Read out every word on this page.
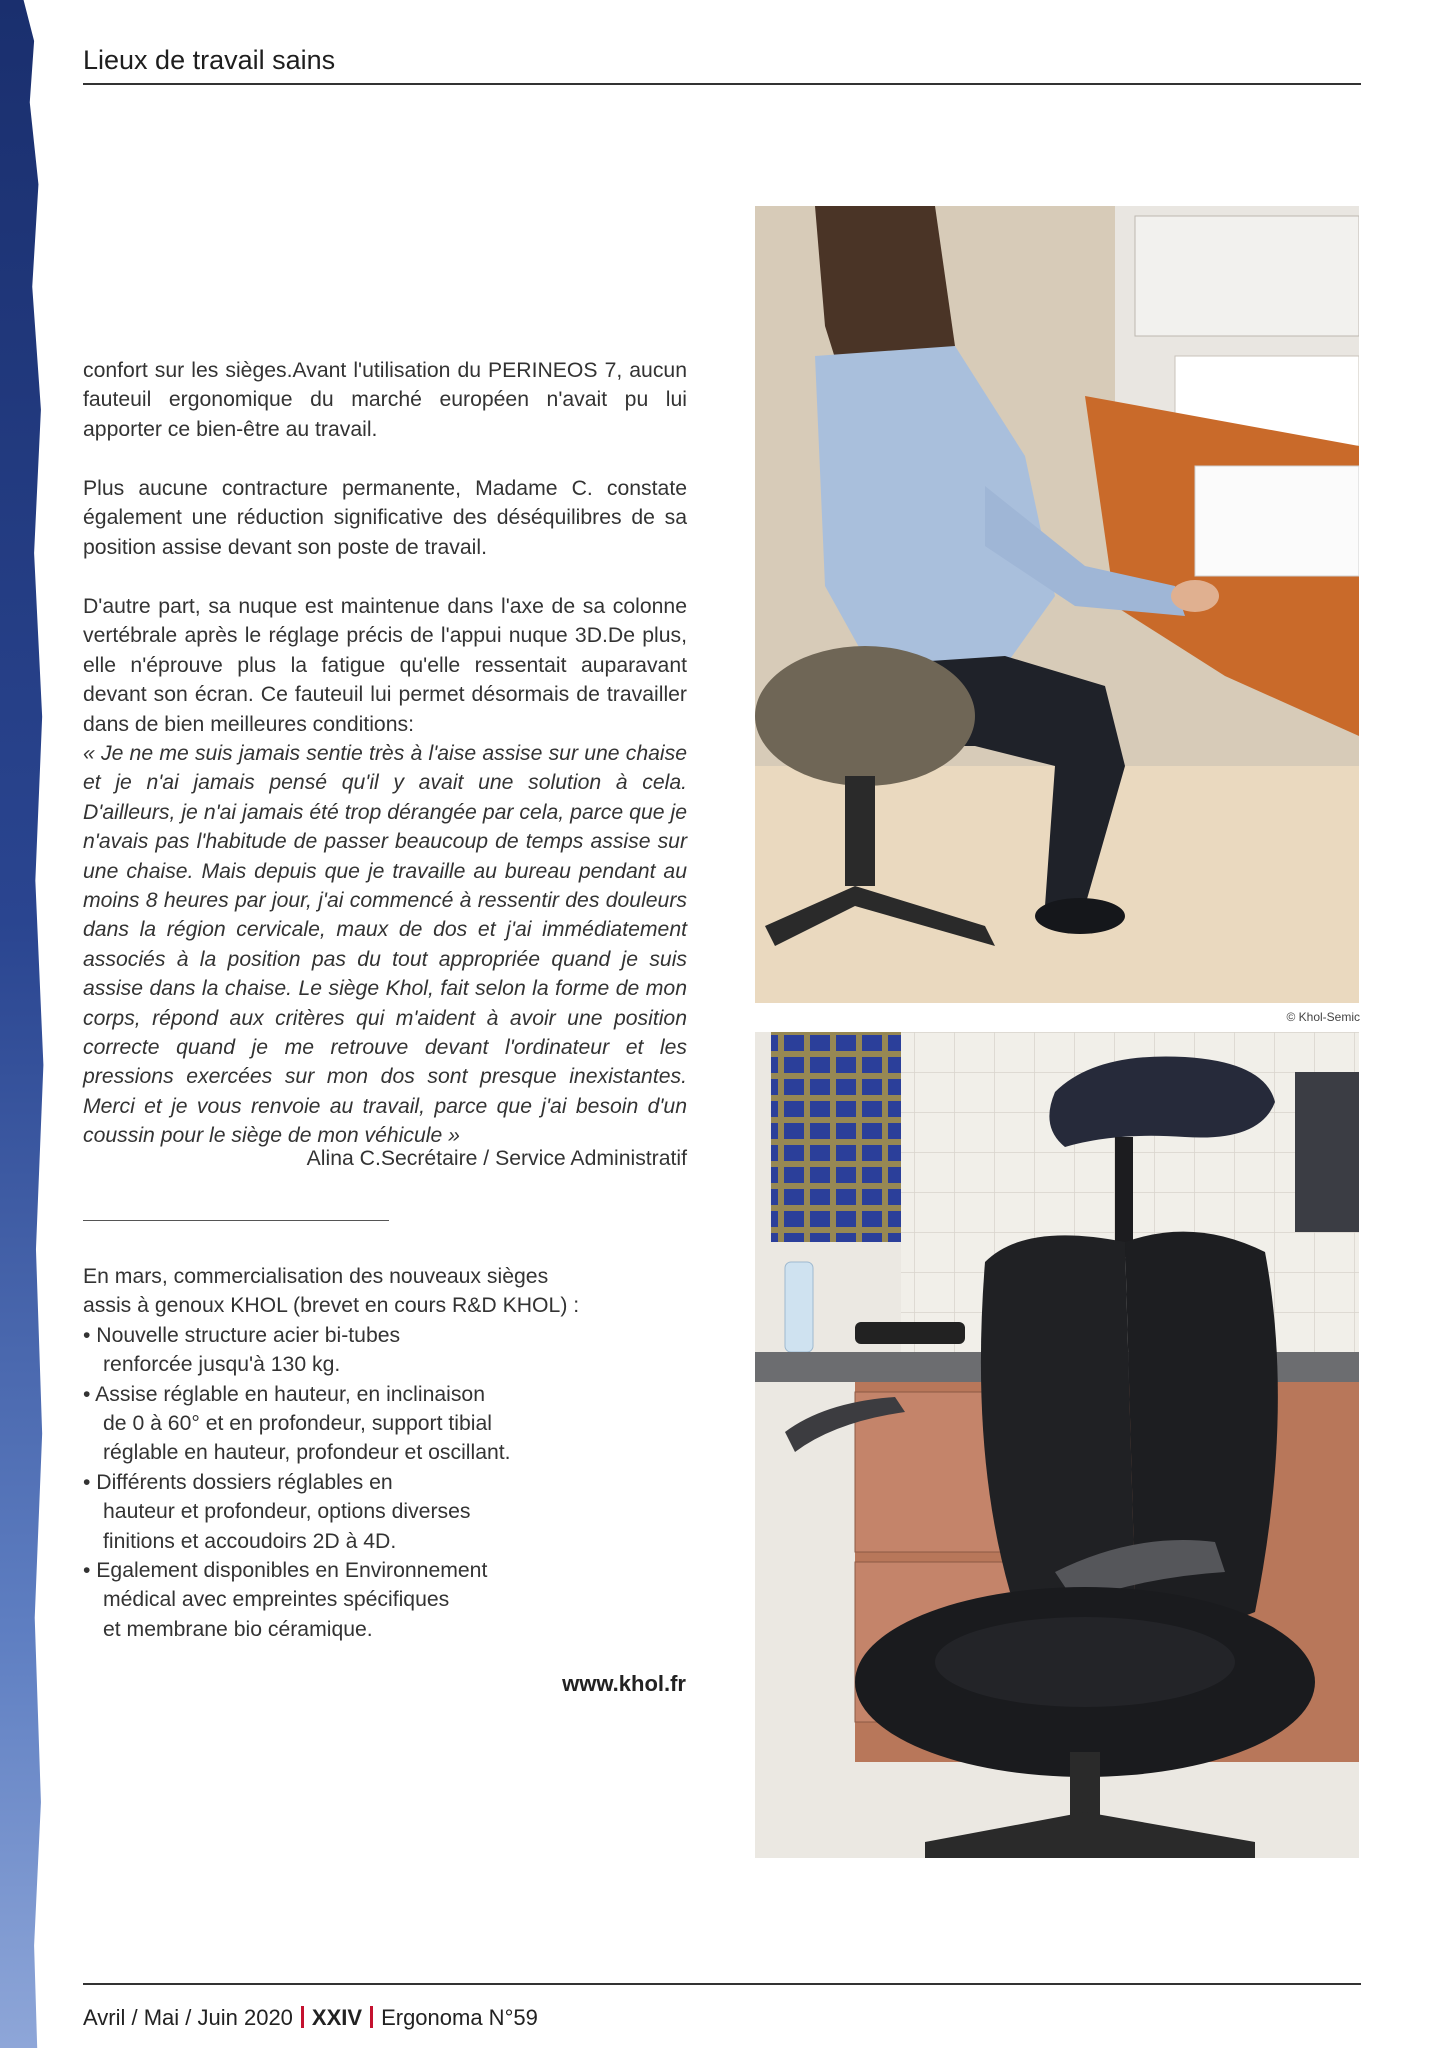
Lieux de travail sains

confort sur les sièges.Avant l'utilisation du PERINEOS 7, aucun fauteuil ergonomique du marché européen n'avait pu lui apporter ce bien-être au travail.

Plus aucune contracture permanente, Madame C. constate également une réduction significative des déséquilibres de sa position assise devant son poste de travail.

D'autre part, sa nuque est maintenue dans l'axe de sa colonne vertébrale après le réglage précis de l'appui nuque 3D.De plus, elle n'éprouve plus la fatigue qu'elle ressentait auparavant devant son écran. Ce fauteuil lui permet désormais de travailler dans de bien meilleures conditions:

« Je ne me suis jamais sentie très à l'aise assise sur une chaise et je n'ai jamais pensé qu'il y avait une solution à cela. D'ailleurs, je n'ai jamais été trop dérangée par cela, parce que je n'avais pas l'habitude de passer beaucoup de temps assise sur une chaise. Mais depuis que je travaille au bureau pendant au moins 8 heures par jour, j'ai commencé à ressentir des douleurs dans la région cervicale, maux de dos et j'ai immédiatement associés à la position pas du tout appropriée quand je suis assise dans la chaise. Le siège Khol, fait selon la forme de mon corps, répond aux critères qui m'aident à avoir une position correcte quand je me retrouve devant l'ordinateur et les pressions exercées sur mon dos sont presque inexistantes. Merci et je vous renvoie au travail, parce que j'ai besoin d'un coussin pour le siège de mon véhicule »

Alina C.Secrétaire / Service Administratif

En mars, commercialisation des nouveaux sièges

assis à genoux KHOL (brevet en cours R&D KHOL) :

• Nouvelle structure acier bi-tubes

renforcée jusqu'à 130 kg.

• Assise réglable en hauteur, en inclinaison

de 0 à 60° et en profondeur, support tibial

réglable en hauteur, profondeur et oscillant.

• Différents dossiers réglables en

hauteur et profondeur, options diverses

finitions et accoudoirs 2D à 4D.

• Egalement disponibles en Environnement

médical avec empreintes spécifiques

et membrane bio céramique.

www.khol.fr
© Khol-Semic
Avril / Mai / Juin 2020 XXIV Ergonoma N°59
